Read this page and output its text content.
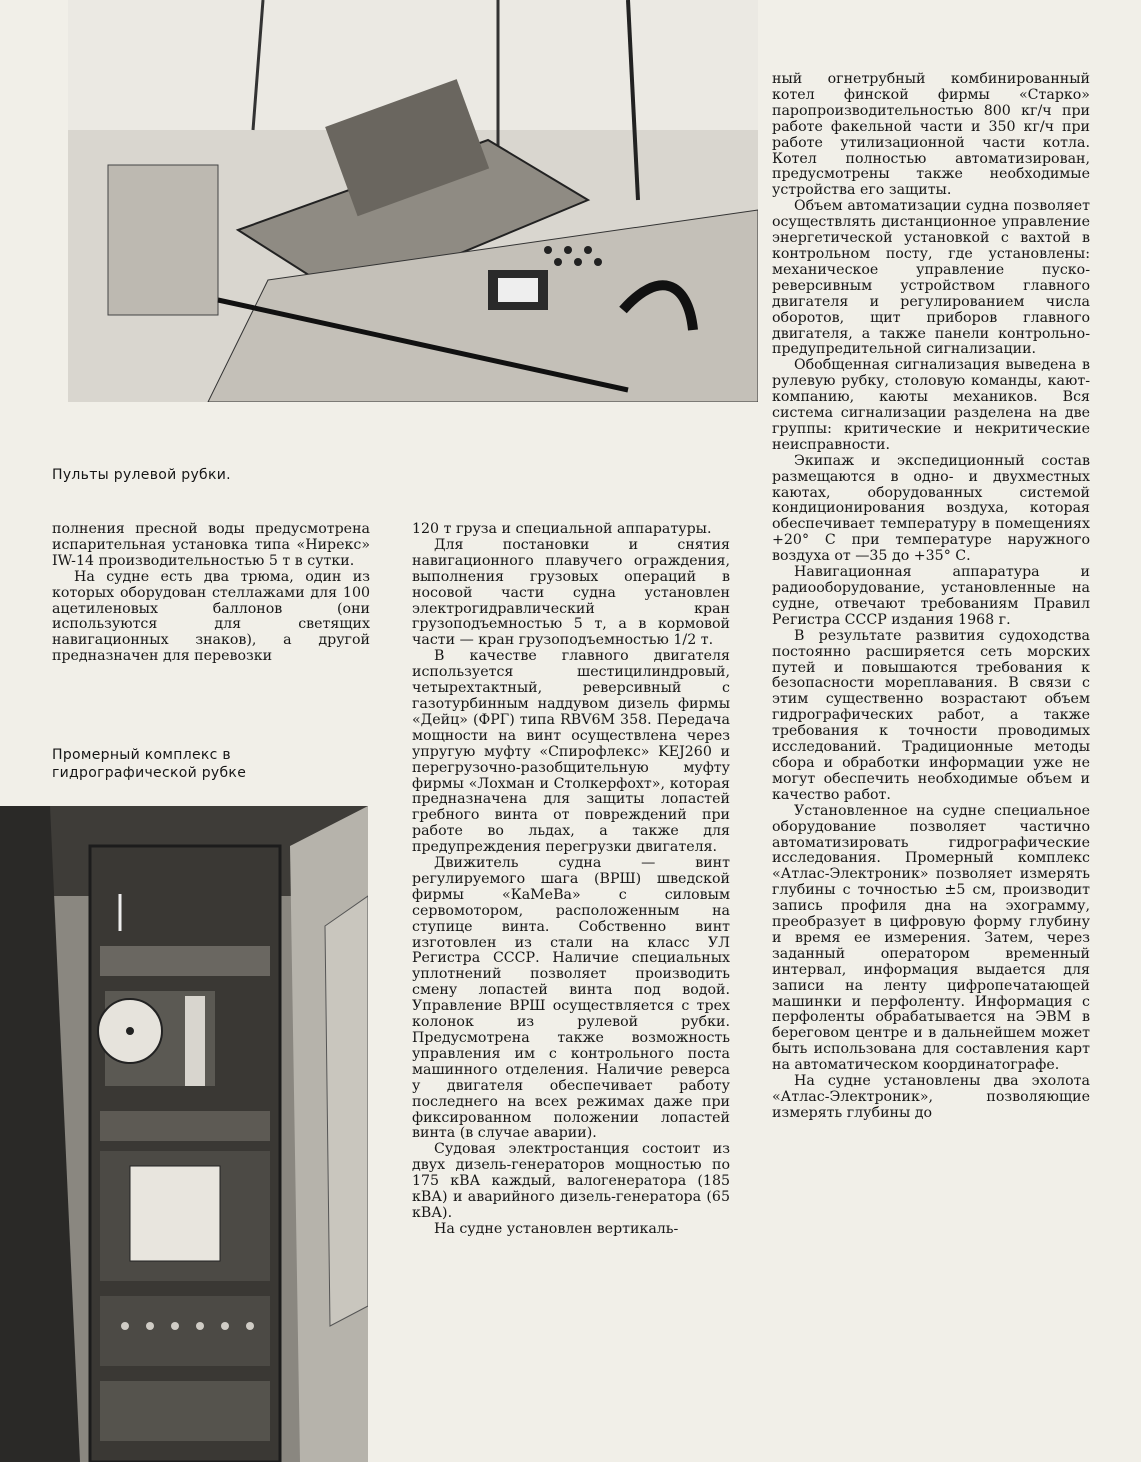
Пульты рулевой рубки.

Промерный комплекс в гидрографической рубке

полнения пресной воды предусмотрена испарительная установка типа «Нирекс» IW-14 производительностью 5 т в сутки.

На судне есть два трюма, один из которых оборудован стеллажами для 100 ацетиленовых баллонов (они используются для светящих навигационных знаков), а другой предназначен для перевозки

120 т груза и специальной аппаратуры.

Для постановки и снятия навигационного плавучего ограждения, выполнения грузовых операций в носовой части судна установлен электрогидравлический кран грузоподъемностью 5 т, а в кормовой части — кран грузоподъемностью 1/2 т.

В качестве главного двигателя используется шестицилиндровый, четырехтактный, реверсивный с газотурбинным наддувом дизель фирмы «Дейц» (ФРГ) типа RBV6M 358. Передача мощности на винт осуществлена через упругую муфту «Спирофлекс» KEJ260 и перегрузочно-разобщительную муфту фирмы «Лохман и Столкерфохт», которая предназначена для защиты лопастей гребного винта от повреждений при работе во льдах, а также для предупреждения перегрузки двигателя.

Движитель судна — винт регулируемого шага (ВРШ) шведской фирмы «КаМеВа» с силовым сервомотором, расположенным на ступице винта. Собственно винт изготовлен из стали на класс УЛ Регистра СССР. Наличие специальных уплотнений позволяет производить смену лопастей винта под водой. Управление ВРШ осуществляется с трех колонок из рулевой рубки. Предусмотрена также возможность управления им с контрольного поста машинного отделения. Наличие реверса у двигателя обеспечивает работу последнего на всех режимах даже при фиксированном положении лопастей винта (в случае аварии).

Судовая электростанция состоит из двух дизель-генераторов мощностью по 175 кВА каждый, валогенератора (185 кВА) и аварийного дизель-генератора (65 кВА).

На судне установлен вертикаль-

ный огнетрубный комбинированный котел финской фирмы «Старко» паропроизводительностью 800 кг/ч при работе факельной части и 350 кг/ч при работе утилизационной части котла. Котел полностью автоматизирован, предусмотрены также необходимые устройства его защиты.

Объем автоматизации судна позволяет осуществлять дистанционное управление энергетической установкой с вахтой в контрольном посту, где установлены: механическое управление пуско-реверсивным устройством главного двигателя и регулированием числа оборотов, щит приборов главного двигателя, а также панели контрольно-предупредительной сигнализации.

Обобщенная сигнализация выведена в рулевую рубку, столовую команды, кают-компанию, каюты механиков. Вся система сигнализации разделена на две группы: критические и некритические неисправности.

Экипаж и экспедиционный состав размещаются в одно- и двухместных каютах, оборудованных системой кондиционирования воздуха, которая обеспечивает температуру в помещениях +20° С при температуре наружного воздуха от —35 до +35° С.

Навигационная аппаратура и радиооборудование, установленные на судне, отвечают требованиям Правил Регистра СССР издания 1968 г.

В результате развития судоходства постоянно расширяется сеть морских путей и повышаются требования к безопасности мореплавания. В связи с этим существенно возрастают объем гидрографических работ, а также требования к точности проводимых исследований. Традиционные методы сбора и обработки информации уже не могут обеспечить необходимые объем и качество работ.

Установленное на судне специальное оборудование позволяет частично автоматизировать гидрографические исследования. Промерный комплекс «Атлас-Электроник» позволяет измерять глубины с точностью ±5 см, производит запись профиля дна на эхограмму, преобразует в цифровую форму глубину и время ее измерения. Затем, через заданный оператором временный интервал, информация выдается для записи на ленту цифропечатающей машинки и перфоленту. Информация с перфоленты обрабатывается на ЭВМ в береговом центре и в дальнейшем может быть использована для составления карт на автоматическом координатографе.

На судне установлены два эхолота «Атлас-Электроник», позволяющие измерять глубины до
